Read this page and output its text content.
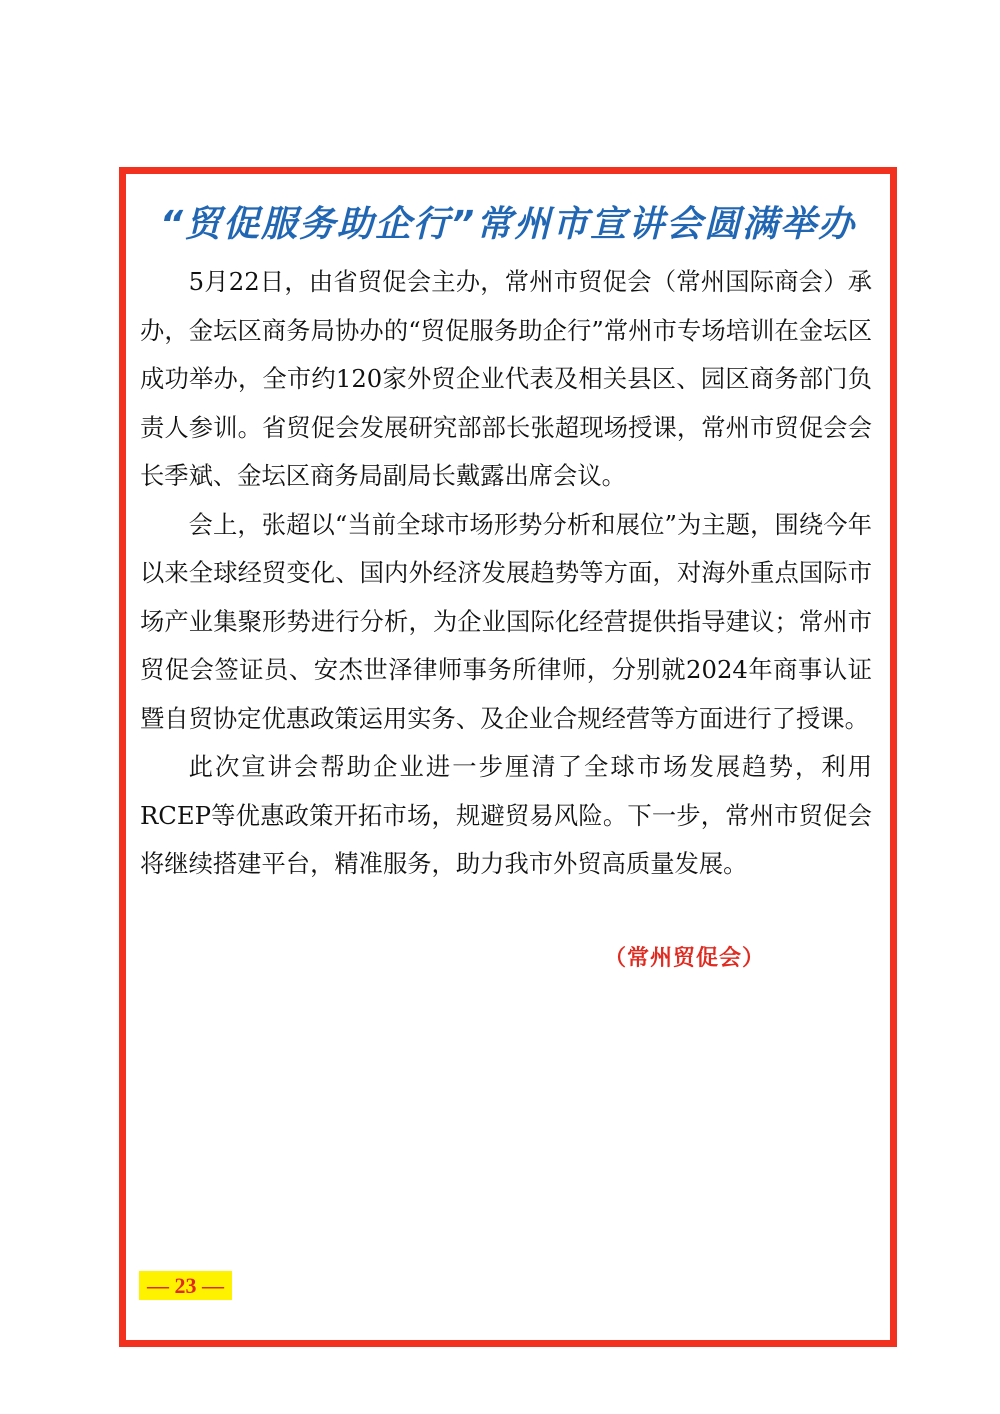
“贸促服务助企行”常州市宣讲会圆满举办

5月22日，由省贸促会主办，常州市贸促会（常州国际商会）承办，金坛区商务局协办的“贸促服务助企行”常州市专场培训在金坛区成功举办，全市约120家外贸企业代表及相关县区、园区商务部门负责人参训。省贸促会发展研究部部长张超现场授课，常州市贸促会会长季斌、金坛区商务局副局长戴露出席会议。

会上，张超以“当前全球市场形势分析和展位”为主题，围绕今年以来全球经贸变化、国内外经济发展趋势等方面，对海外重点国际市场产业集聚形势进行分析，为企业国际化经营提供指导建议；常州市贸促会签证员、安杰世泽律师事务所律师，分别就2024年商事认证暨自贸协定优惠政策运用实务、及企业合规经营等方面进行了授课。

此次宣讲会帮助企业进一步厘清了全球市场发展趋势，利用RCEP等优惠政策开拓市场，规避贸易风险。下一步，常州市贸促会将继续搭建平台，精准服务，助力我市外贸高质量发展。

（常州贸促会）
— 23 —
